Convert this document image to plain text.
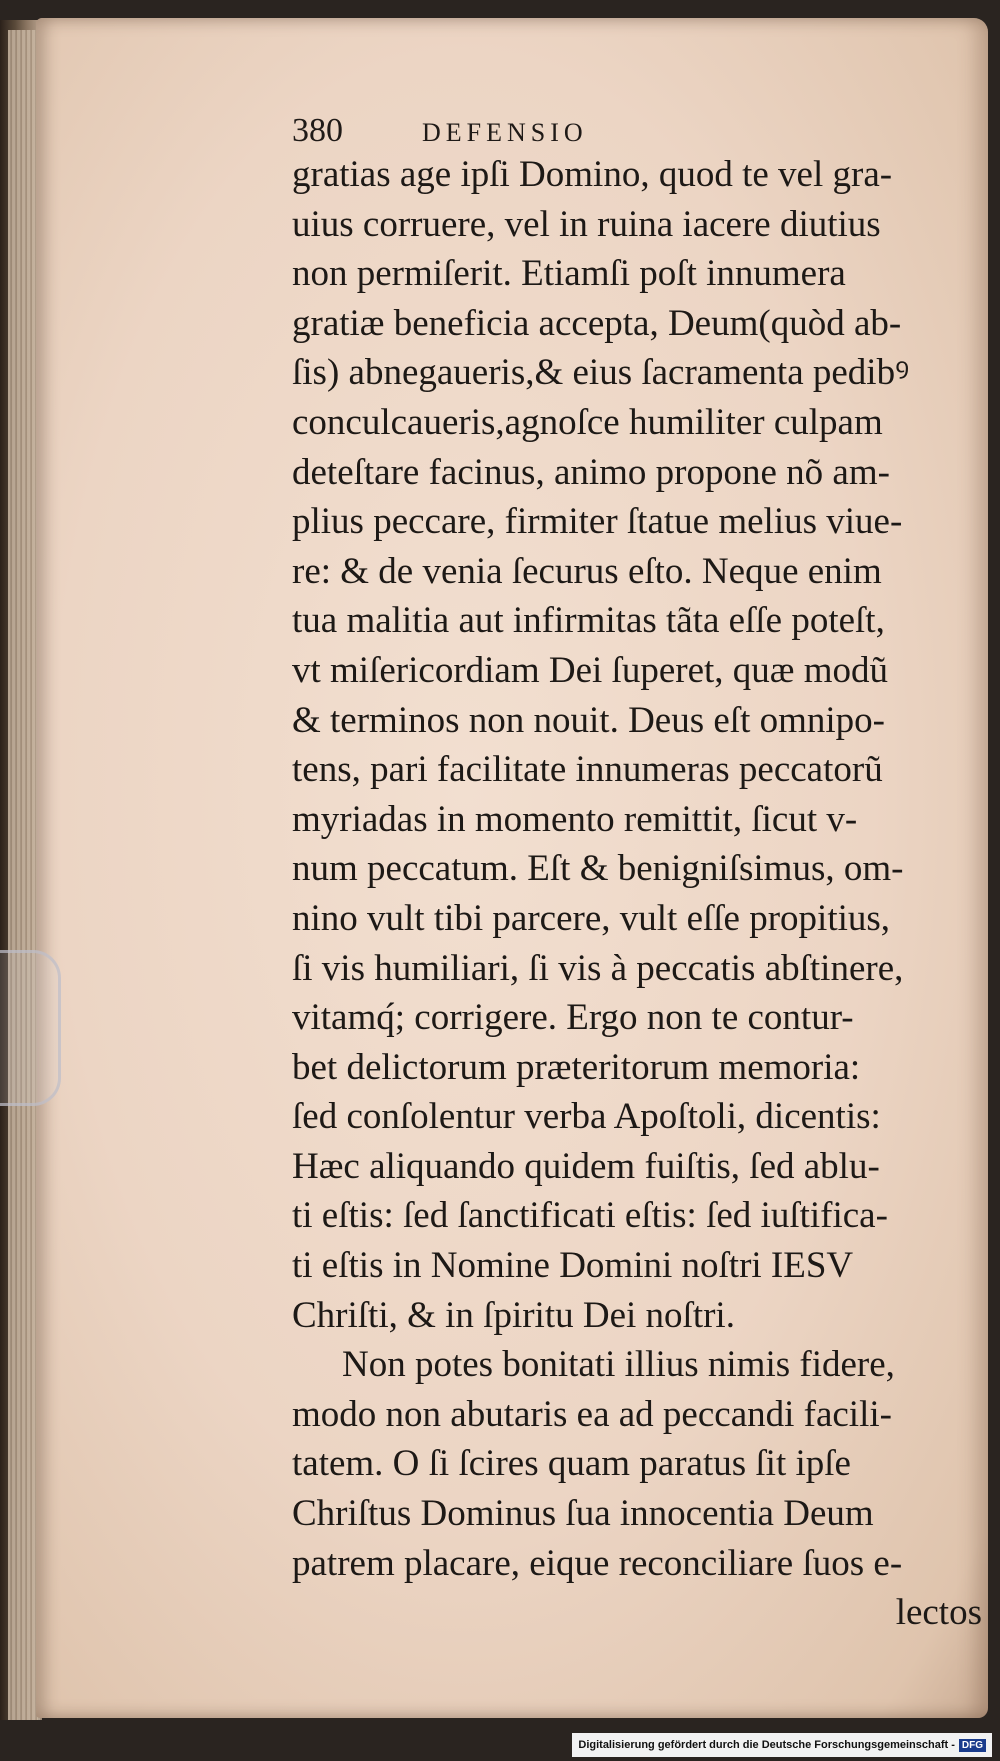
380	DEFENSIO
gratias age ipſi Domino, quod te vel gra-
uius corruere, vel in ruina iacere diutius
non permiſerit. Etiamſi poſt innumera
gratiæ beneficia accepta, Deum(quòd ab-
ſis) abnegaueris,& eius ſacramenta pedibꝰ
conculcaueris,agnoſce humiliter culpam
deteſtare facinus, animo propone nõ am-
plius peccare, firmiter ſtatue melius viue-
re: & de venia ſecurus eſto. Neque enim
tua malitia aut infirmitas tãta eſſe poteſt,
vt miſericordiam Dei ſuperet, quæ modũ
& terminos non nouit. Deus eſt omnipo-
tens, pari facilitate innumeras peccatorũ
myriadas in momento remittit, ſicut v-
num peccatum. Eſt & benigniſsimus, om-
nino vult tibi parcere, vult eſſe propitius,
ſi vis humiliari, ſi vis à peccatis abſtinere,
vitamq́; corrigere. Ergo non te contur-
bet delictorum præteritorum memoria:
ſed conſolentur verba Apoſtoli, dicentis:
Hæc aliquando quidem fuiſtis, ſed ablu-
ti eſtis: ſed ſanctificati eſtis: ſed iuſtifica-
ti eſtis in Nomine Domini noſtri IESV
Chriſti, & in ſpiritu Dei noſtri.
Non potes bonitati illius nimis fidere,
modo non abutaris ea ad peccandi facili-
tatem. O ſi ſcires quam paratus ſit ipſe
Chriſtus Dominus ſua innocentia Deum
patrem placare, eique reconciliare ſuos e-
lectos
Digitalisierung gefördert durch die Deutsche Forschungsgemeinschaft - DFG
